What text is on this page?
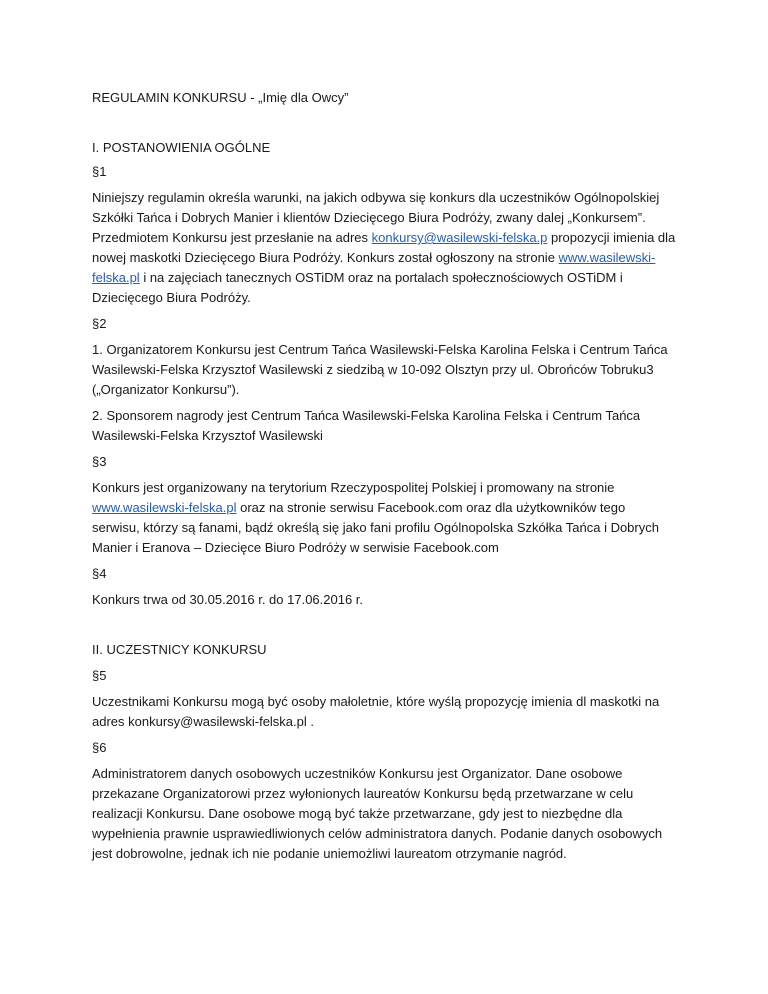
REGULAMIN KONKURSU - „Imię dla Owcy”

I. POSTANOWIENIA OGÓLNE

§1

Niniejszy regulamin określa warunki, na jakich odbywa się konkurs dla uczestników Ogólnopolskiej

Szkółki Tańca i Dobrych Manier i klientów Dziecięcego Biura Podróży, zwany dalej „Konkursem”.

Przedmiotem Konkursu jest przesłanie na adres konkursy@wasilewski-felska.p propozycji imienia dla

nowej maskotki Dziecięcego Biura Podróży. Konkurs został ogłoszony na stronie www.wasilewski-

felska.pl i na zajęciach tanecznych OSTiDM oraz na portalach społecznościowych OSTiDM i

Dziecięcego Biura Podróży.

§2

1. Organizatorem Konkursu jest Centrum Tańca Wasilewski-Felska Karolina Felska i Centrum Tańca

Wasilewski-Felska Krzysztof Wasilewski z siedzibą w 10-092 Olsztyn przy ul. Obrońców Tobruku3

(„Organizator Konkursu”).

2. Sponsorem nagrody jest Centrum Tańca Wasilewski-Felska Karolina Felska i Centrum Tańca

Wasilewski-Felska Krzysztof Wasilewski

§3

Konkurs jest organizowany na terytorium Rzeczypospolitej Polskiej i promowany na stronie

www.wasilewski-felska.pl oraz na stronie serwisu Facebook.com oraz dla użytkowników tego

serwisu, którzy są fanami, bądź określą się jako fani profilu Ogólnopolska Szkółka Tańca i Dobrych

Manier i Eranova – Dziecięce Biuro Podróży w serwisie Facebook.com

§4

Konkurs trwa od 30.05.2016 r. do 17.06.2016 r.

II. UCZESTNICY KONKURSU

§5

Uczestnikami Konkursu mogą być osoby małoletnie, które wyślą propozycję imienia dl maskotki na

adres konkursy@wasilewski-felska.pl .

§6

Administratorem danych osobowych uczestników Konkursu jest Organizator. Dane osobowe

przekazane Organizatorowi przez wyłonionych laureatów Konkursu będą przetwarzane w celu

realizacji Konkursu. Dane osobowe mogą być także przetwarzane, gdy jest to niezbędne dla

wypełnienia prawnie usprawiedliwionych celów administratora danych. Podanie danych osobowych

jest dobrowolne, jednak ich nie podanie uniemożliwi laureatom otrzymanie nagród.
